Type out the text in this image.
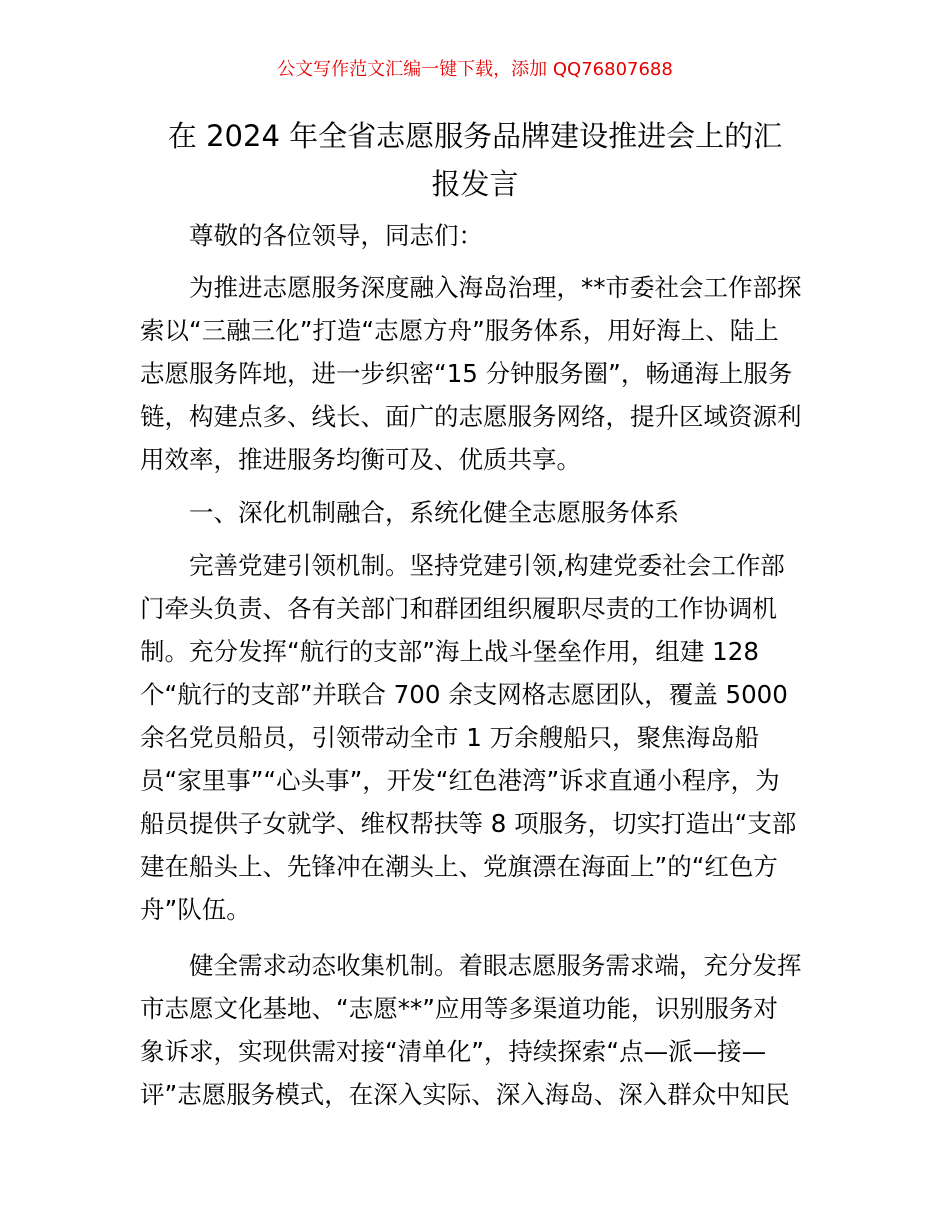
公文写作范文汇编一键下载，添加 QQ76807688
在 2024 年全省志愿服务品牌建设推进会上的汇
报发言
　　尊敬的各位领导，同志们：
　　为推进志愿服务深度融入海岛治理，**市委社会工作部探
索以“三融三化”打造“志愿方舟”服务体系，用好海上、陆上
志愿服务阵地，进一步织密“15 分钟服务圈”，畅通海上服务
链，构建点多、线长、面广的志愿服务网络，提升区域资源利
用效率，推进服务均衡可及、优质共享。
　　一、深化机制融合，系统化健全志愿服务体系
　　完善党建引领机制。坚持党建引领,构建党委社会工作部
门牵头负责、各有关部门和群团组织履职尽责的工作协调机
制。充分发挥“航行的支部”海上战斗堡垒作用，组建 128
个“航行的支部”并联合 700 余支网格志愿团队，覆盖 5000
余名党员船员，引领带动全市 1 万余艘船只，聚焦海岛船
员“家里事”“心头事”，开发“红色港湾”诉求直通小程序，为
船员提供子女就学、维权帮扶等 8 项服务，切实打造出“支部
建在船头上、先锋冲在潮头上、党旗漂在海面上”的“红色方
舟”队伍。
　　健全需求动态收集机制。着眼志愿服务需求端，充分发挥
市志愿文化基地、“志愿**”应用等多渠道功能，识别服务对
象诉求，实现供需对接“清单化”，持续探索“点—派—接—
评”志愿服务模式，在深入实际、深入海岛、深入群众中知民
